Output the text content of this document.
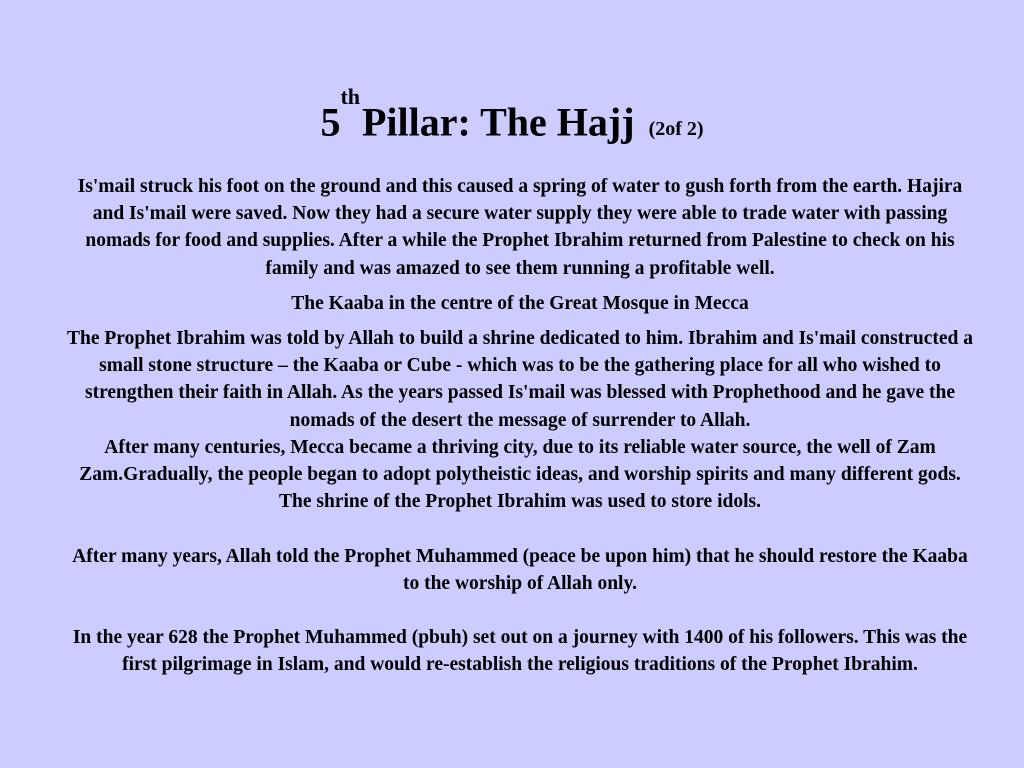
5thPillar: The Hajj (2of 2)

Is'mail struck his foot on the ground and this caused a spring of water to gush forth from the earth. Hajira and Is'mail were saved. Now they had a secure water supply they were able to trade water with passing nomads for food and supplies. After a while the Prophet Ibrahim returned from Palestine to check on his family and was amazed to see them running a profitable well.

The Kaaba in the centre of the Great Mosque in Mecca

The Prophet Ibrahim was told by Allah to build a shrine dedicated to him. Ibrahim and Is'mail constructed a small stone structure – the Kaaba or Cube - which was to be the gathering place for all who wished to strengthen their faith in Allah. As the years passed Is'mail was blessed with Prophethood and he gave the nomads of the desert the message of surrender to Allah.

After many centuries, Mecca became a thriving city, due to its reliable water source, the well of Zam Zam.Gradually, the people began to adopt polytheistic ideas, and worship spirits and many different gods. The shrine of the Prophet Ibrahim was used to store idols.

After many years, Allah told the Prophet Muhammed (peace be upon him) that he should restore the Kaaba to the worship of Allah only.

In the year 628 the Prophet Muhammed (pbuh) set out on a journey with 1400 of his followers. This was the first pilgrimage in Islam, and would re-establish the religious traditions of the Prophet Ibrahim.
